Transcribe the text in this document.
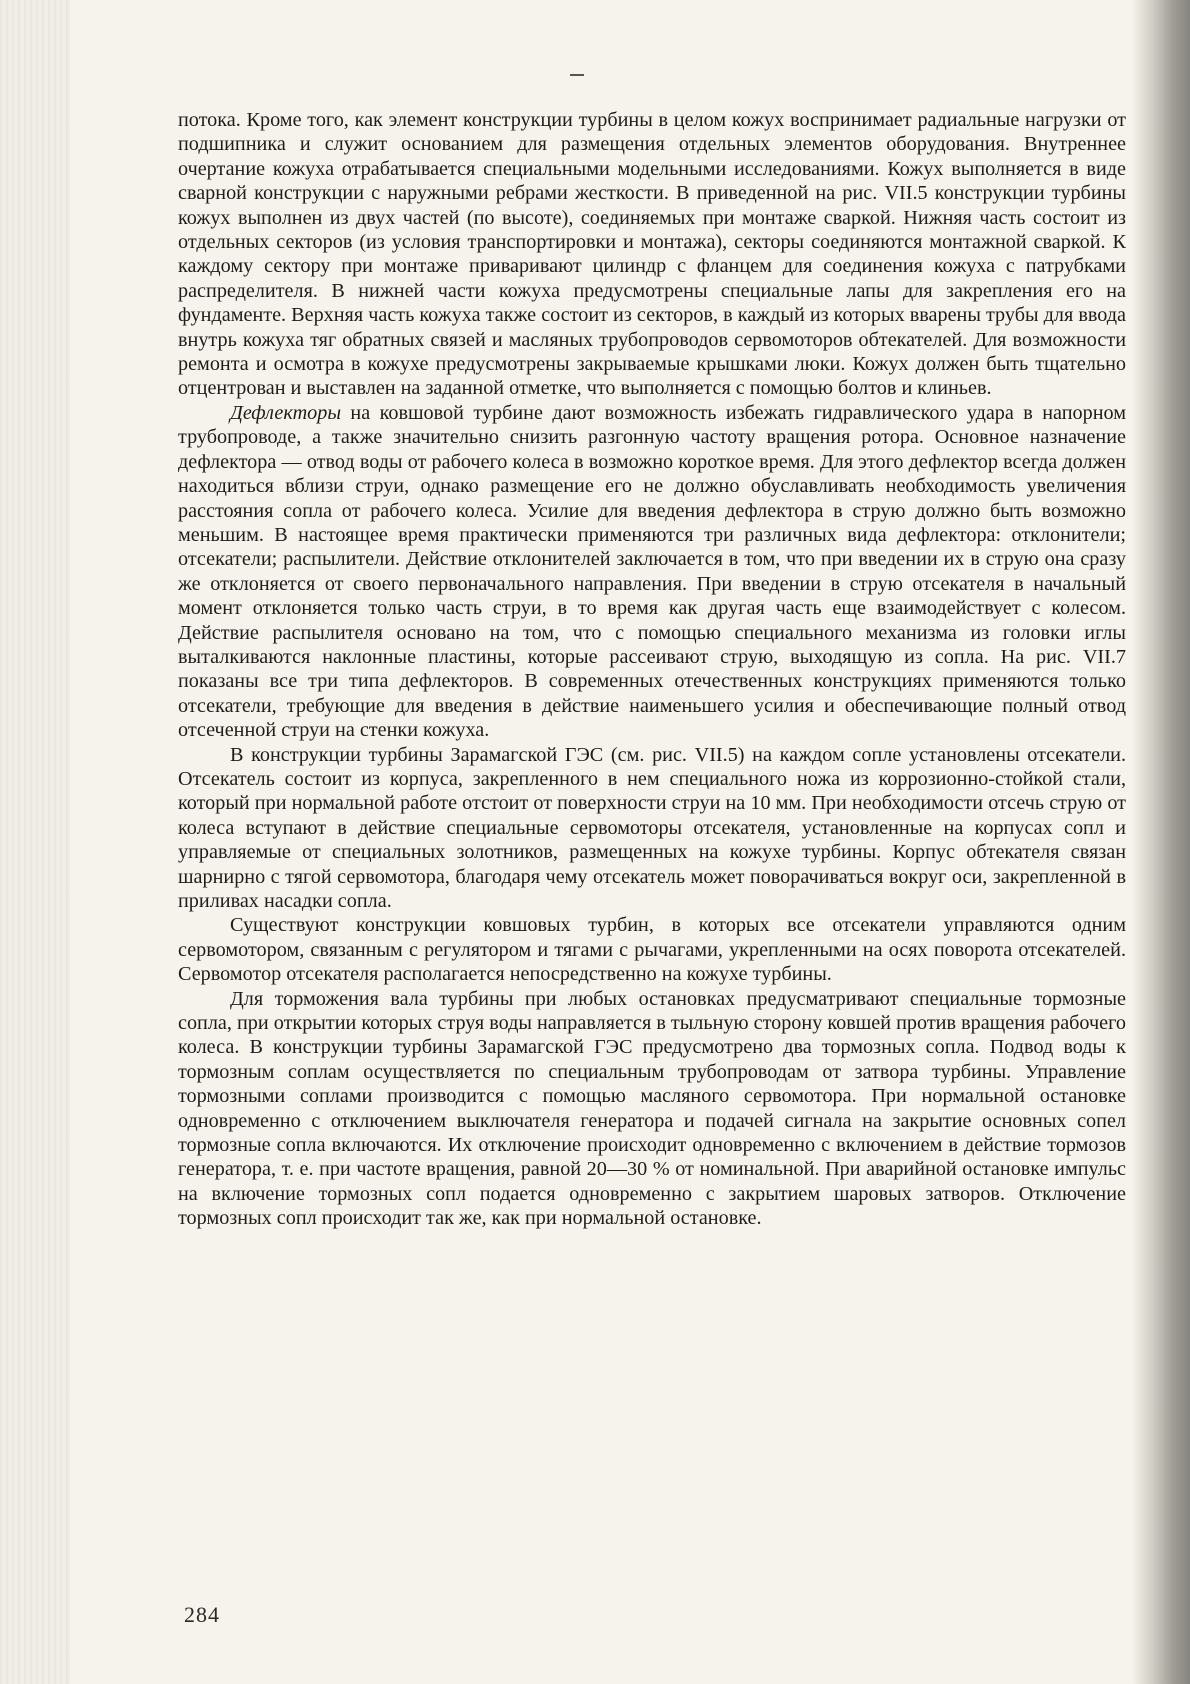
потока. Кроме того, как элемент конструкции турбины в целом кожух воспринимает радиальные нагрузки от подшипника и служит основанием для размещения отдельных элементов оборудования. Внутреннее очертание кожуха отрабатывается специальными модельными исследованиями. Кожух выполняется в виде сварной конструкции с наружными ребрами жесткости. В приведенной на рис. VII.5 конструкции турбины кожух выполнен из двух частей (по высоте), соединяемых при монтаже сваркой. Нижняя часть состоит из отдельных секторов (из условия транспортировки и монтажа), секторы соединяются монтажной сваркой. К каждому сектору при монтаже приваривают цилиндр с фланцем для соединения кожуха с патрубками распределителя. В нижней части кожуха предусмотрены специальные лапы для закрепления его на фундаменте. Верхняя часть кожуха также состоит из секторов, в каждый из которых вварены трубы для ввода внутрь кожуха тяг обратных связей и масляных трубопроводов сервомоторов обтекателей. Для возможности ремонта и осмотра в кожухе предусмотрены закрываемые крышками люки. Кожух должен быть тщательно отцентрован и выставлен на заданной отметке, что выполняется с помощью болтов и клиньев.

Дефлекторы на ковшовой турбине дают возможность избежать гидравлического удара в напорном трубопроводе, а также значительно снизить разгонную частоту вращения ротора. Основное назначение дефлектора — отвод воды от рабочего колеса в возможно короткое время. Для этого дефлектор всегда должен находиться вблизи струи, однако размещение его не должно обуславливать необходимость увеличения расстояния сопла от рабочего колеса. Усилие для введения дефлектора в струю должно быть возможно меньшим. В настоящее время практически применяются три различных вида дефлектора: отклонители; отсекатели; распылители. Действие отклонителей заключается в том, что при введении их в струю она сразу же отклоняется от своего первоначального направления. При введении в струю отсекателя в начальный момент отклоняется только часть струи, в то время как другая часть еще взаимодействует с колесом. Действие распылителя основано на том, что с помощью специального механизма из головки иглы выталкиваются наклонные пластины, которые рассеивают струю, выходящую из сопла. На рис. VII.7 показаны все три типа дефлекторов. В современных отечественных конструкциях применяются только отсекатели, требующие для введения в действие наименьшего усилия и обеспечивающие полный отвод отсеченной струи на стенки кожуха.

В конструкции турбины Зарамагской ГЭС (см. рис. VII.5) на каждом сопле установлены отсекатели. Отсекатель состоит из корпуса, закрепленного в нем специального ножа из коррозионно-стойкой стали, который при нормальной работе отстоит от поверхности струи на 10 мм. При необходимости отсечь струю от колеса вступают в действие специальные сервомоторы отсекателя, установленные на корпусах сопл и управляемые от специальных золотников, размещенных на кожухе турбины. Корпус обтекателя связан шарнирно с тягой сервомотора, благодаря чему отсекатель может поворачиваться вокруг оси, закрепленной в приливах насадки сопла.

Существуют конструкции ковшовых турбин, в которых все отсекатели управляются одним сервомотором, связанным с регулятором и тягами с рычагами, укрепленными на осях поворота отсекателей. Сервомотор отсекателя располагается непосредственно на кожухе турбины.

Для торможения вала турбины при любых остановках предусматривают специальные тормозные сопла, при открытии которых струя воды направляется в тыльную сторону ковшей против вращения рабочего колеса. В конструкции турбины Зарамагской ГЭС предусмотрено два тормозных сопла. Подвод воды к тормозным соплам осуществляется по специальным трубопроводам от затвора турбины. Управление тормозными соплами производится с помощью масляного сервомотора. При нормальной остановке одновременно с отключением выключателя генератора и подачей сигнала на закрытие основных сопел тормозные сопла включаются. Их отключение происходит одновременно с включением в действие тормозов генератора, т. е. при частоте вращения, равной 20—30 % от номинальной. При аварийной остановке импульс на включение тормозных сопл подается одновременно с закрытием шаровых затворов. Отключение тормозных сопл происходит так же, как при нормальной остановке.

284
